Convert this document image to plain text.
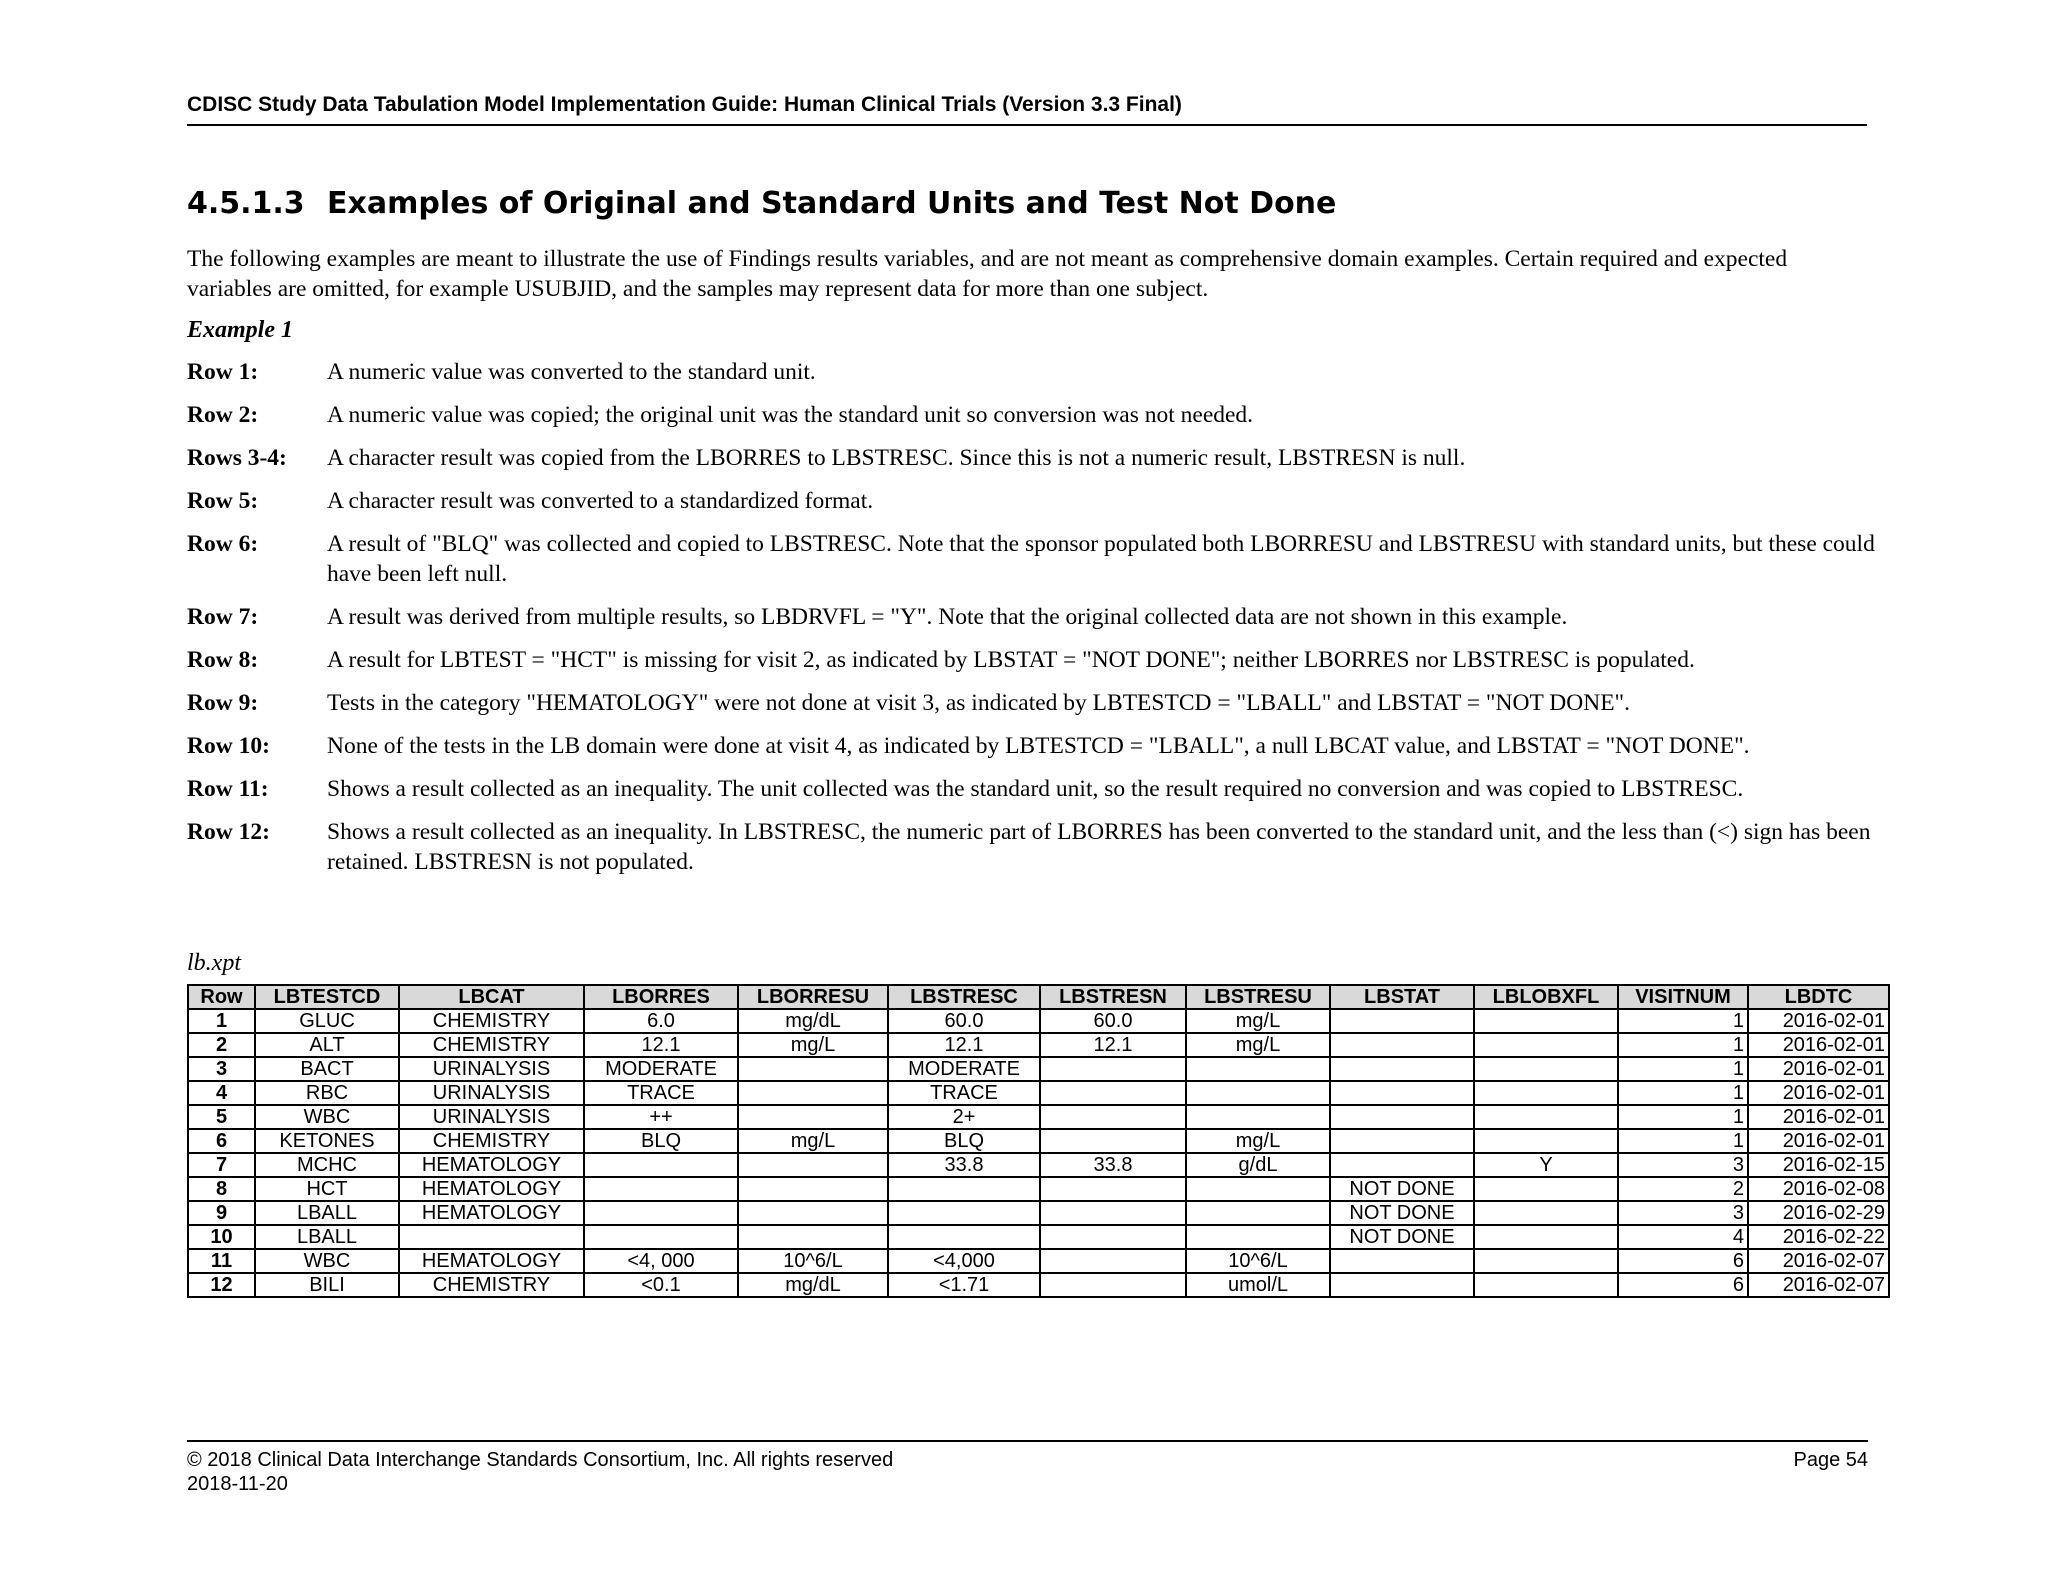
CDISC Study Data Tabulation Model Implementation Guide: Human Clinical Trials (Version 3.3 Final)
4.5.1.3 Examples of Original and Standard Units and Test Not Done
The following examples are meant to illustrate the use of Findings results variables, and are not meant as comprehensive domain examples. Certain required and expected variables are omitted, for example USUBJID, and the samples may represent data for more than one subject.
Example 1
Row 1:	A numeric value was converted to the standard unit.
Row 2:	A numeric value was copied; the original unit was the standard unit so conversion was not needed.
Rows 3-4:	A character result was copied from the LBORRES to LBSTRESC. Since this is not a numeric result, LBSTRESN is null.
Row 5:	A character result was converted to a standardized format.
Row 6:	A result of "BLQ" was collected and copied to LBSTRESC. Note that the sponsor populated both LBORRESU and LBSTRESU with standard units, but these could have been left null.
Row 7:	A result was derived from multiple results, so LBDRVFL = "Y". Note that the original collected data are not shown in this example.
Row 8:	A result for LBTEST = "HCT" is missing for visit 2, as indicated by LBSTAT = "NOT DONE"; neither LBORRES nor LBSTRESC is populated.
Row 9:	Tests in the category "HEMATOLOGY" were not done at visit 3, as indicated by LBTESTCD = "LBALL" and LBSTAT = "NOT DONE".
Row 10:	None of the tests in the LB domain were done at visit 4, as indicated by LBTESTCD = "LBALL", a null LBCAT value, and LBSTAT = "NOT DONE".
Row 11:	Shows a result collected as an inequality. The unit collected was the standard unit, so the result required no conversion and was copied to LBSTRESC.
Row 12:	Shows a result collected as an inequality. In LBSTRESC, the numeric part of LBORRES has been converted to the standard unit, and the less than (<) sign has been retained. LBSTRESN is not populated.
lb.xpt
Row	LBTESTCD	LBCAT	LBORRES	LBORRESU	LBSTRESC	LBSTRESN	LBSTRESU	LBSTAT	LBLOBXFL	VISITNUM	LBDTC
1	GLUC	CHEMISTRY	6.0	mg/dL	60.0	60.0	mg/L			1	2016-02-01
2	ALT	CHEMISTRY	12.1	mg/L	12.1	12.1	mg/L			1	2016-02-01
3	BACT	URINALYSIS	MODERATE		MODERATE					1	2016-02-01
4	RBC	URINALYSIS	TRACE		TRACE					1	2016-02-01
5	WBC	URINALYSIS	++		2+					1	2016-02-01
6	KETONES	CHEMISTRY	BLQ	mg/L	BLQ		mg/L			1	2016-02-01
7	MCHC	HEMATOLOGY			33.8	33.8	g/dL		Y	3	2016-02-15
8	HCT	HEMATOLOGY						NOT DONE		2	2016-02-08
9	LBALL	HEMATOLOGY						NOT DONE		3	2016-02-29
10	LBALL							NOT DONE		4	2016-02-22
11	WBC	HEMATOLOGY	<4, 000	10^6/L	<4,000		10^6/L			6	2016-02-07
12	BILI	CHEMISTRY	<0.1	mg/dL	<1.71		umol/L			6	2016-02-07
© 2018 Clinical Data Interchange Standards Consortium, Inc. All rights reserved
2018-11-20
Page 54
